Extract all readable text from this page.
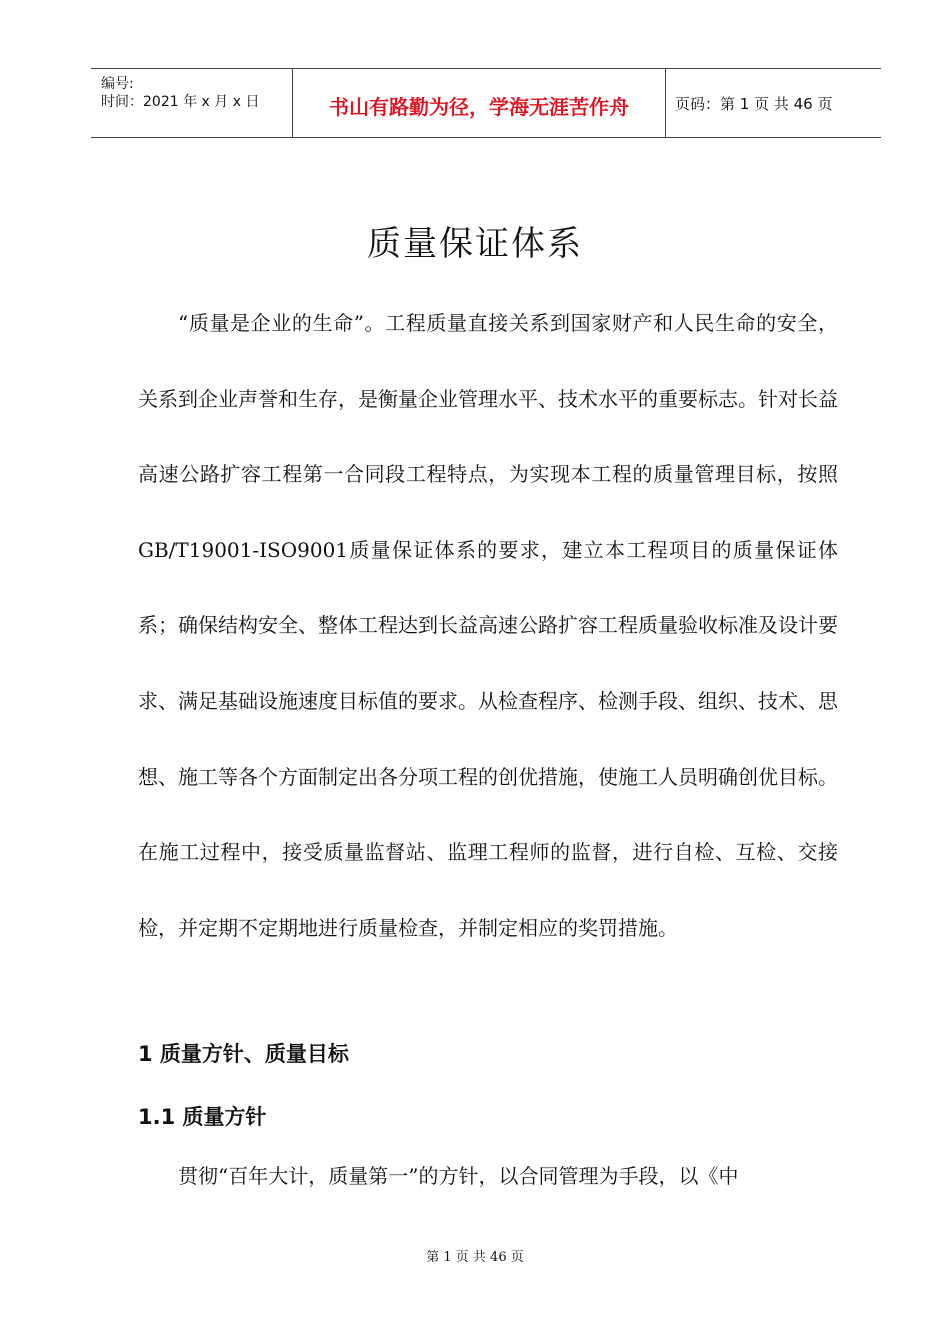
编号:
时间：2021 年 x 月 x 日	书山有路勤为径，学海无涯苦作舟	页码：第 1 页 共 46 页
质量保证体系

“质量是企业的生命”。工程质量直接关系到国家财产和人民生命的安全，关系到企业声誉和生存，是衡量企业管理水平、技术水平的重要标志。针对长益高速公路扩容工程第一合同段工程特点，为实现本工程的质量管理目标，按照GB/T19001-ISO9001质量保证体系的要求，建立本工程项目的质量保证体系；确保结构安全、整体工程达到长益高速公路扩容工程质量验收标准及设计要求、满足基础设施速度目标值的要求。从检查程序、检测手段、组织、技术、思想、施工等各个方面制定出各分项工程的创优措施，使施工人员明确创优目标。在施工过程中，接受质量监督站、监理工程师的监督，进行自检、互检、交接检，并定期不定期地进行质量检查，并制定相应的奖罚措施。

1 质量方针、质量目标
1.1 质量方针

贯彻“百年大计，质量第一”的方针，以合同管理为手段，以《中

第 1 页 共 46 页
